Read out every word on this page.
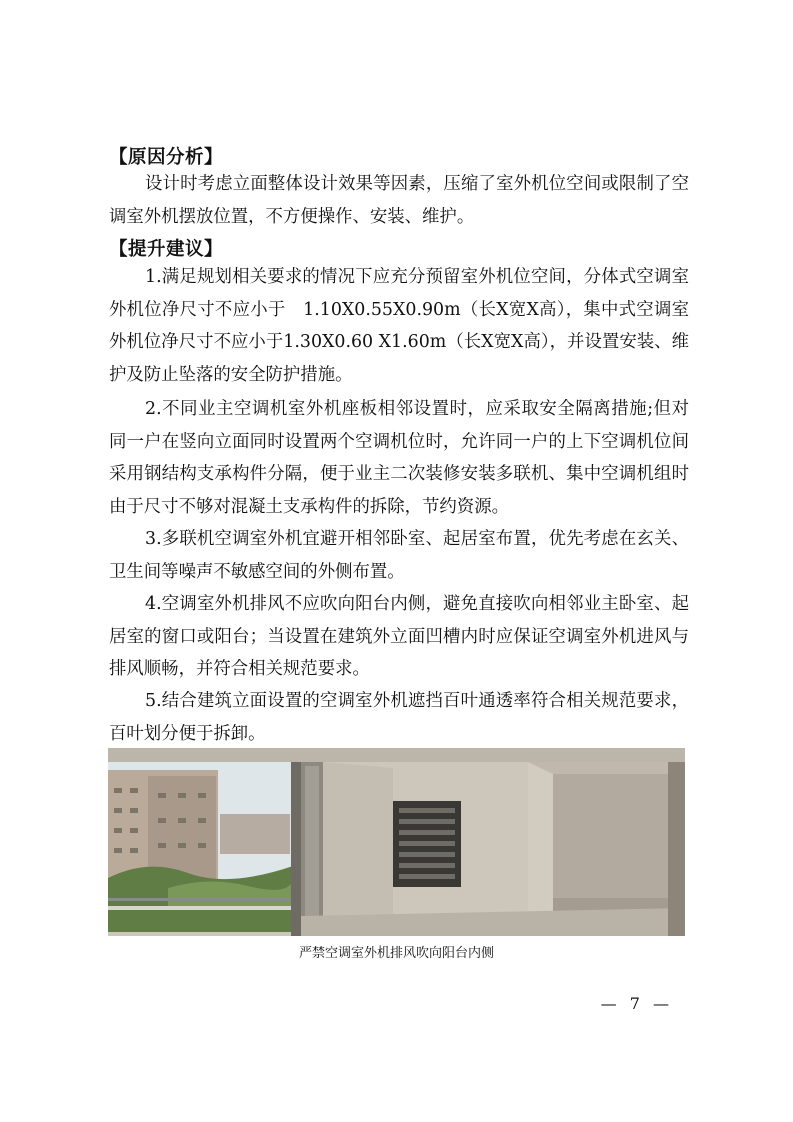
【原因分析】
设计时考虑立面整体设计效果等因素，压缩了室外机位空间或限制了空调室外机摆放位置，不方便操作、安装、维护。
【提升建议】
1.满足规划相关要求的情况下应充分预留室外机位空间，分体式空调室外机位净尺寸不应小于　1.10X0.55X0.90m（长X宽X高），集中式空调室外机位净尺寸不应小于1.30X0.60 X1.60m（长X宽X高），并设置安装、维护及防止坠落的安全防护措施。
2.不同业主空调机室外机座板相邻设置时，应采取安全隔离措施;但对同一户在竖向立面同时设置两个空调机位时，允许同一户的上下空调机位间采用钢结构支承构件分隔，便于业主二次装修安装多联机、集中空调机组时由于尺寸不够对混凝土支承构件的拆除，节约资源。
3.多联机空调室外机宜避开相邻卧室、起居室布置，优先考虑在玄关、卫生间等噪声不敏感空间的外侧布置。
4.空调室外机排风不应吹向阳台内侧，避免直接吹向相邻业主卧室、起居室的窗口或阳台；当设置在建筑外立面凹槽内时应保证空调室外机进风与排风顺畅，并符合相关规范要求。
5.结合建筑立面设置的空调室外机遮挡百叶通透率符合相关规范要求，百叶划分便于拆卸。
严禁空调室外机排风吹向阳台内侧
— 7 —
